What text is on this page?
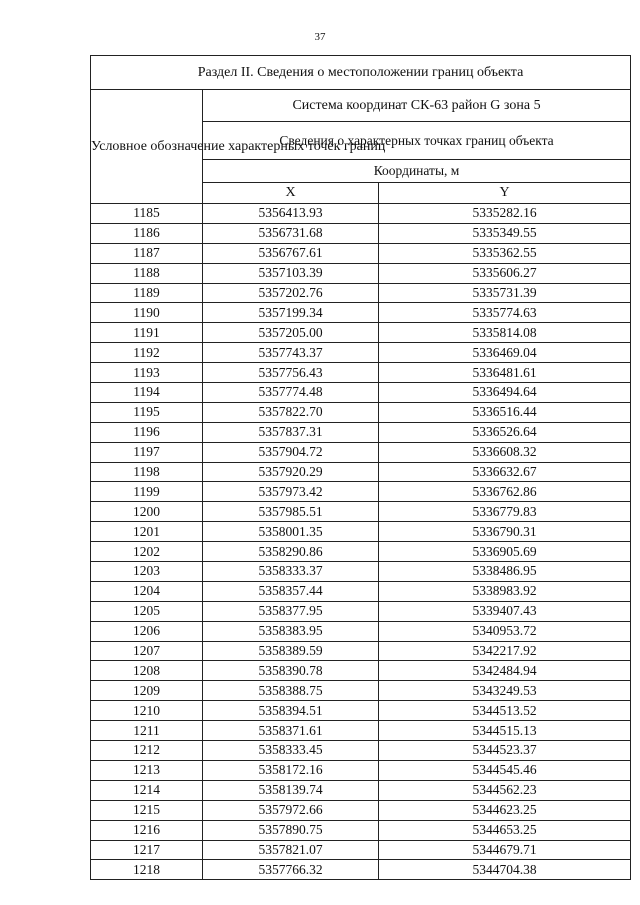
37
Раздел II. Сведения о местоположении границ объекта		
Условное обозначение характерных точек границ	Система координат СК-63 район G зона 5	
	Сведения о характерных точках границ объекта	
	Координаты, м	
	X	Y
1185	5356413.93	5335282.16
1186	5356731.68	5335349.55
1187	5356767.61	5335362.55
1188	5357103.39	5335606.27
1189	5357202.76	5335731.39
1190	5357199.34	5335774.63
1191	5357205.00	5335814.08
1192	5357743.37	5336469.04
1193	5357756.43	5336481.61
1194	5357774.48	5336494.64
1195	5357822.70	5336516.44
1196	5357837.31	5336526.64
1197	5357904.72	5336608.32
1198	5357920.29	5336632.67
1199	5357973.42	5336762.86
1200	5357985.51	5336779.83
1201	5358001.35	5336790.31
1202	5358290.86	5336905.69
1203	5358333.37	5338486.95
1204	5358357.44	5338983.92
1205	5358377.95	5339407.43
1206	5358383.95	5340953.72
1207	5358389.59	5342217.92
1208	5358390.78	5342484.94
1209	5358388.75	5343249.53
1210	5358394.51	5344513.52
1211	5358371.61	5344515.13
1212	5358333.45	5344523.37
1213	5358172.16	5344545.46
1214	5358139.74	5344562.23
1215	5357972.66	5344623.25
1216	5357890.75	5344653.25
1217	5357821.07	5344679.71
1218	5357766.32	5344704.38
